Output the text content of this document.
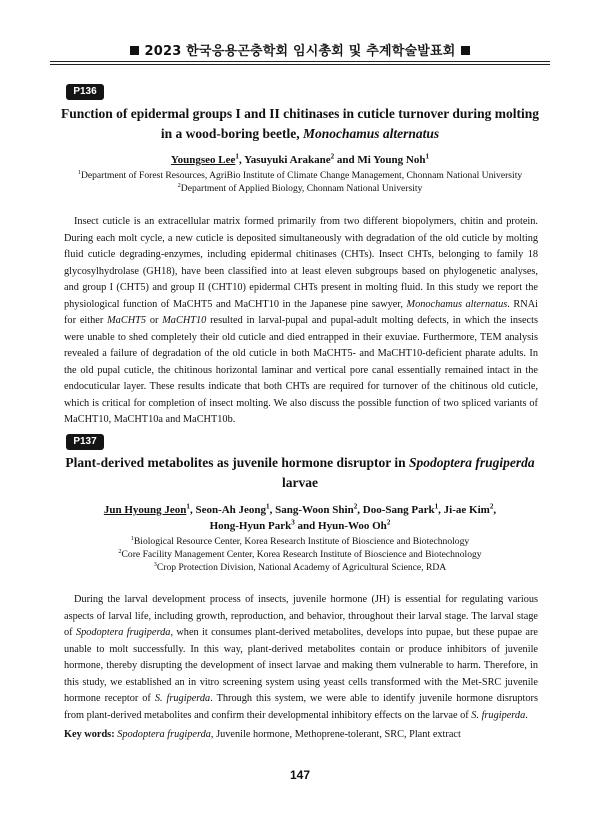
2023 한국응용곤충학회 임시총회 및 추계학술발표회
P136
Function of epidermal groups I and II chitinases in cuticle turnover during molting
in a wood-boring beetle, Monochamus alternatus
Youngseo Lee$^1$, Yasuyuki Arakane$^2$ and Mi Young Noh$^1$
$^1$Department of Forest Resources, AgriBio Institute of Climate Change Management, Chonnam National University
$^2$Department of Applied Biology, Chonnam National University

Insect cuticle is an extracellular matrix formed primarily from two different biopolymers, chitin and protein. During each molt cycle, a new cuticle is deposited simultaneously with degradation of the old cuticle by molting fluid cuticle degrading-enzymes, including epidermal chitinases (CHTs). Insect CHTs, belonging to family 18 glycosylhydrolase (GH18), have been classified into at least eleven subgroups based on phylogenetic analyses, and group I (CHT5) and group II (CHT10) epidermal CHTs present in molting fluid. In this study we report the physiological function of MaCHT5 and MaCHT10 in the Japanese pine sawyer, Monochamus alternatus. RNAi for either MaCHT5 or MaCHT10 resulted in larval-pupal and pupal-adult molting defects, in which the insects were unable to shed completely their old cuticle and died entrapped in their exuviae. Furthermore, TEM analysis revealed a failure of degradation of the old cuticle in both MaCHT5- and MaCHT10-deficient pharate adults. In the old pupal cuticle, the chitinous horizontal laminar and vertical pore canal essentially remained intact in the endocuticular layer. These results indicate that both CHTs are required for turnover of the chitinous old cuticle, which is critical for completion of insect molting. We also discuss the possible function of two spliced variants of MaCHT10, MaCHT10a and MaCHT10b.

P137
Plant-derived metabolites as juvenile hormone disruptor in Spodoptera frugiperda
larvae
Jun Hyoung Jeon$^1$, Seon-Ah Jeong$^1$, Sang-Woon Shin$^2$, Doo-Sang Park$^1$, Ji-ae Kim$^2$,
Hong-Hyun Park$^3$ and Hyun-Woo Oh$^2$
$^1$Biological Resource Center, Korea Research Institute of Bioscience and Biotechnology
$^2$Core Facility Management Center, Korea Research Institute of Bioscience and Biotechnology
$^3$Crop Protection Division, National Academy of Agricultural Science, RDA

During the larval development process of insects, juvenile hormone (JH) is essential for regulating various aspects of larval life, including growth, reproduction, and behavior, throughout their larval stage. The larval stage of Spodoptera frugiperda, when it consumes plant-derived metabolites, develops into pupae, but these pupae are unable to molt successfully. In this way, plant-derived metabolites contain or produce inhibitors of juvenile hormone, thereby disrupting the development of insect larvae and making them vulnerable to harm. Therefore, in this study, we established an in vitro screening system using yeast cells transformed with the Met-SRC juvenile hormone receptor of S. frugiperda. Through this system, we were able to identify juvenile hormone disruptors from plant-derived metabolites and confirm their developmental inhibitory effects on the larvae of S. frugiperda.

Key words: Spodoptera frugiperda, Juvenile hormone, Methoprene-tolerant, SRC, Plant extract
147
